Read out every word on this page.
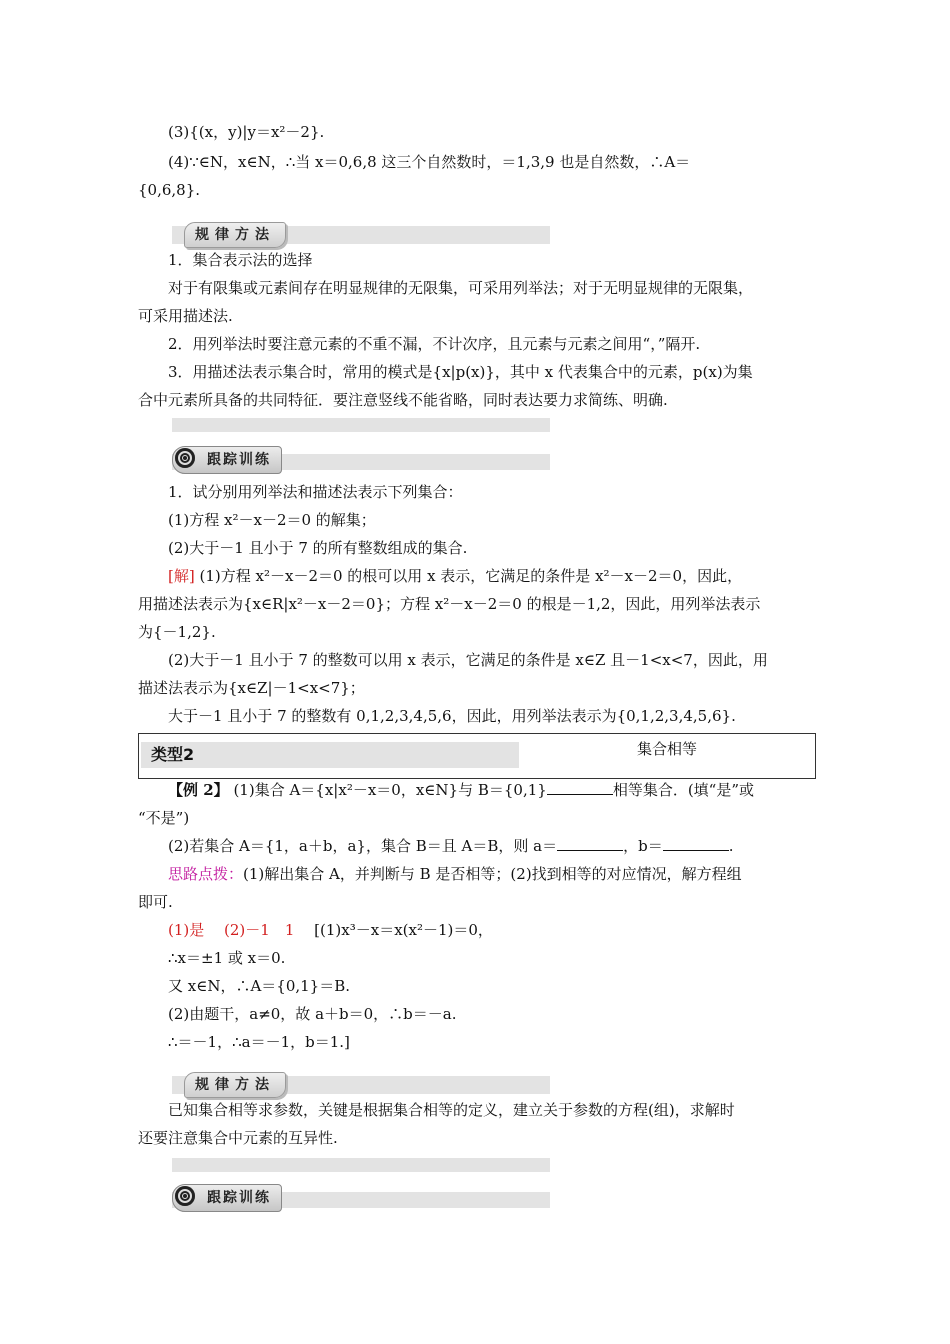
(3){(x，y)|y＝x²－2}.
(4)∵∈N，x∈N，∴当 x＝0,6,8 这三个自然数时，＝1,3,9 也是自然数，∴A＝
{0,6,8}.
规律方法
1．集合表示法的选择
对于有限集或元素间存在明显规律的无限集，可采用列举法；对于无明显规律的无限集，
可采用描述法.
2．用列举法时要注意元素的不重不漏，不计次序，且元素与元素之间用“，”隔开.
3．用描述法表示集合时，常用的模式是{x|p(x)}，其中 x 代表集合中的元素，p(x)为集
合中元素所具备的共同特征．要注意竖线不能省略，同时表达要力求简练、明确.
跟踪训练
1．试分别用列举法和描述法表示下列集合：
(1)方程 x²－x－2＝0 的解集；
(2)大于－1 且小于 7 的所有整数组成的集合.
[解] (1)方程 x²－x－2＝0 的根可以用 x 表示，它满足的条件是 x²－x－2＝0，因此，
用描述法表示为{x∈R|x²－x－2＝0}；方程 x²－x－2＝0 的根是－1,2，因此，用列举法表示
为{－1,2}.
(2)大于－1 且小于 7 的整数可以用 x 表示，它满足的条件是 x∈Z 且－1<x<7，因此，用
描述法表示为{x∈Z|－1<x<7}；
大于－1 且小于 7 的整数有 0,1,2,3,4,5,6，因此，用列举法表示为{0,1,2,3,4,5,6}.
类型2	集合相等
【例 2】 (1)集合 A＝{x|x²－x＝0，x∈N}与 B＝{0,1}	相等集合．(填“是”或
“不是”)
(2)若集合 A＝{1，a＋b，a}，集合 B＝且 A＝B，则 a＝	，b＝	.
思路点拨：(1)解出集合 A，并判断与 B 是否相等；(2)找到相等的对应情况，解方程组
即可.
(1)是　 (2)－1　1　 [(1)x³－x＝x(x²－1)＝0，
∴x＝±1 或 x＝0.
又 x∈N，∴A＝{0,1}＝B.
(2)由题干，a≠0，故 a＋b＝0，∴b＝－a.
∴＝－1，∴a＝－1，b＝1.]
规律方法
已知集合相等求参数，关键是根据集合相等的定义，建立关于参数的方程(组)，求解时
还要注意集合中元素的互异性.
跟踪训练
